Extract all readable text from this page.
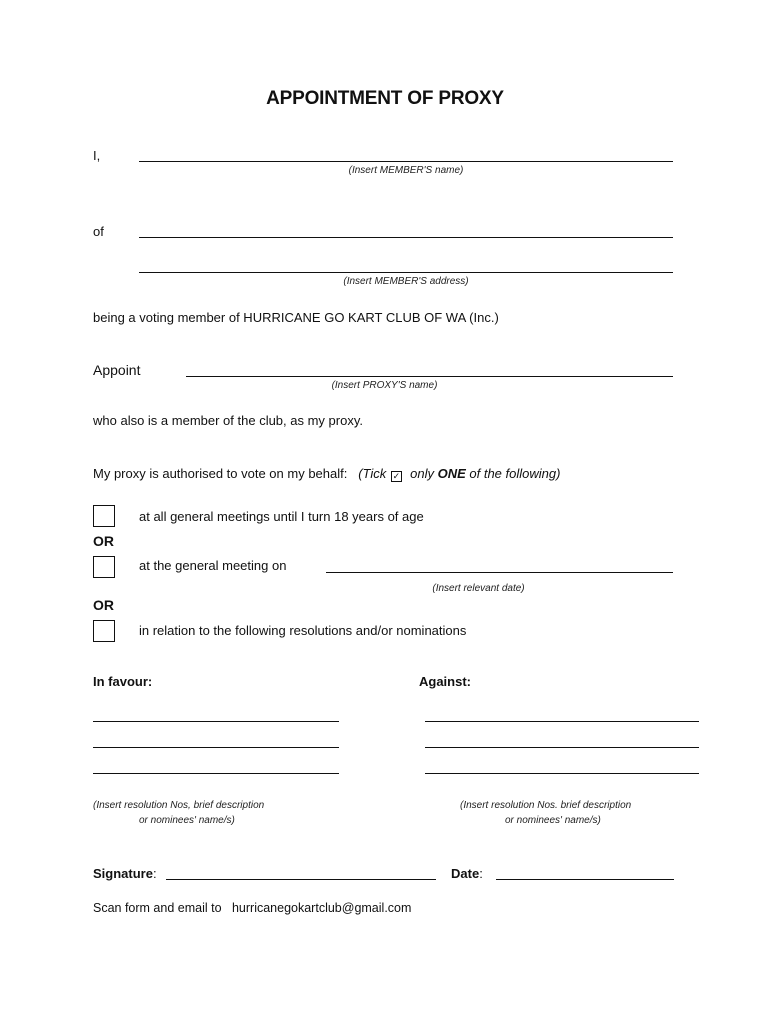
APPOINTMENT OF PROXY
I,
(Insert MEMBER'S name)
of
(Insert MEMBER'S address)
being a voting member of HURRICANE GO KART CLUB OF WA (Inc.)
Appoint
(Insert PROXY'S name)
who also is a member of the club, as my proxy.
My proxy is authorised to vote on my behalf: (Tick ✓ only ONE of the following)
at all general meetings until I turn 18 years of age
OR
at the general meeting on
(Insert relevant date)
OR
in relation to the following resolutions and/or nominations
In favour:	Against:
(Insert resolution Nos, brief description
or nominees' name/s)
(Insert resolution Nos. brief description
or nominees' name/s)
Signature:	Date:
Scan form and email to hurricanegokartclub@gmail.com
